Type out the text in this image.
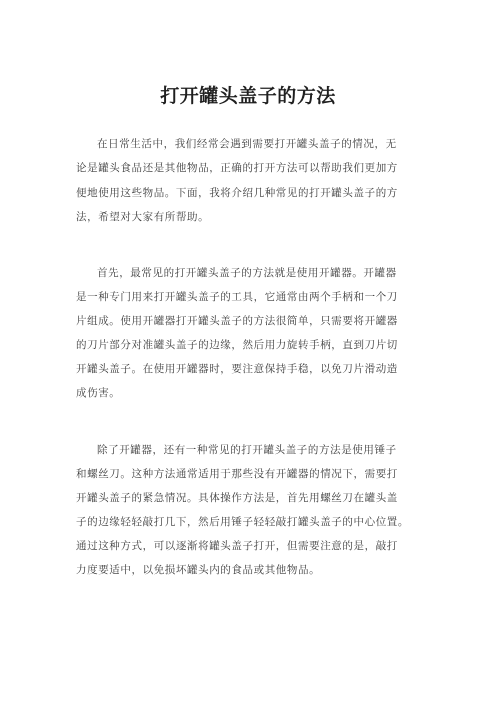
打开罐头盖子的方法
在日常生活中，我们经常会遇到需要打开罐头盖子的情况，无
论是罐头食品还是其他物品，正确的打开方法可以帮助我们更加方
便地使用这些物品。下面，我将介绍几种常见的打开罐头盖子的方
法，希望对大家有所帮助。
首先，最常见的打开罐头盖子的方法就是使用开罐器。开罐器
是一种专门用来打开罐头盖子的工具，它通常由两个手柄和一个刀
片组成。使用开罐器打开罐头盖子的方法很简单，只需要将开罐器
的刀片部分对准罐头盖子的边缘，然后用力旋转手柄，直到刀片切
开罐头盖子。在使用开罐器时，要注意保持手稳，以免刀片滑动造
成伤害。
除了开罐器，还有一种常见的打开罐头盖子的方法是使用锤子
和螺丝刀。这种方法通常适用于那些没有开罐器的情况下，需要打
开罐头盖子的紧急情况。具体操作方法是，首先用螺丝刀在罐头盖
子的边缘轻轻敲打几下，然后用锤子轻轻敲打罐头盖子的中心位置。
通过这种方式，可以逐渐将罐头盖子打开，但需要注意的是，敲打
力度要适中，以免损坏罐头内的食品或其他物品。
